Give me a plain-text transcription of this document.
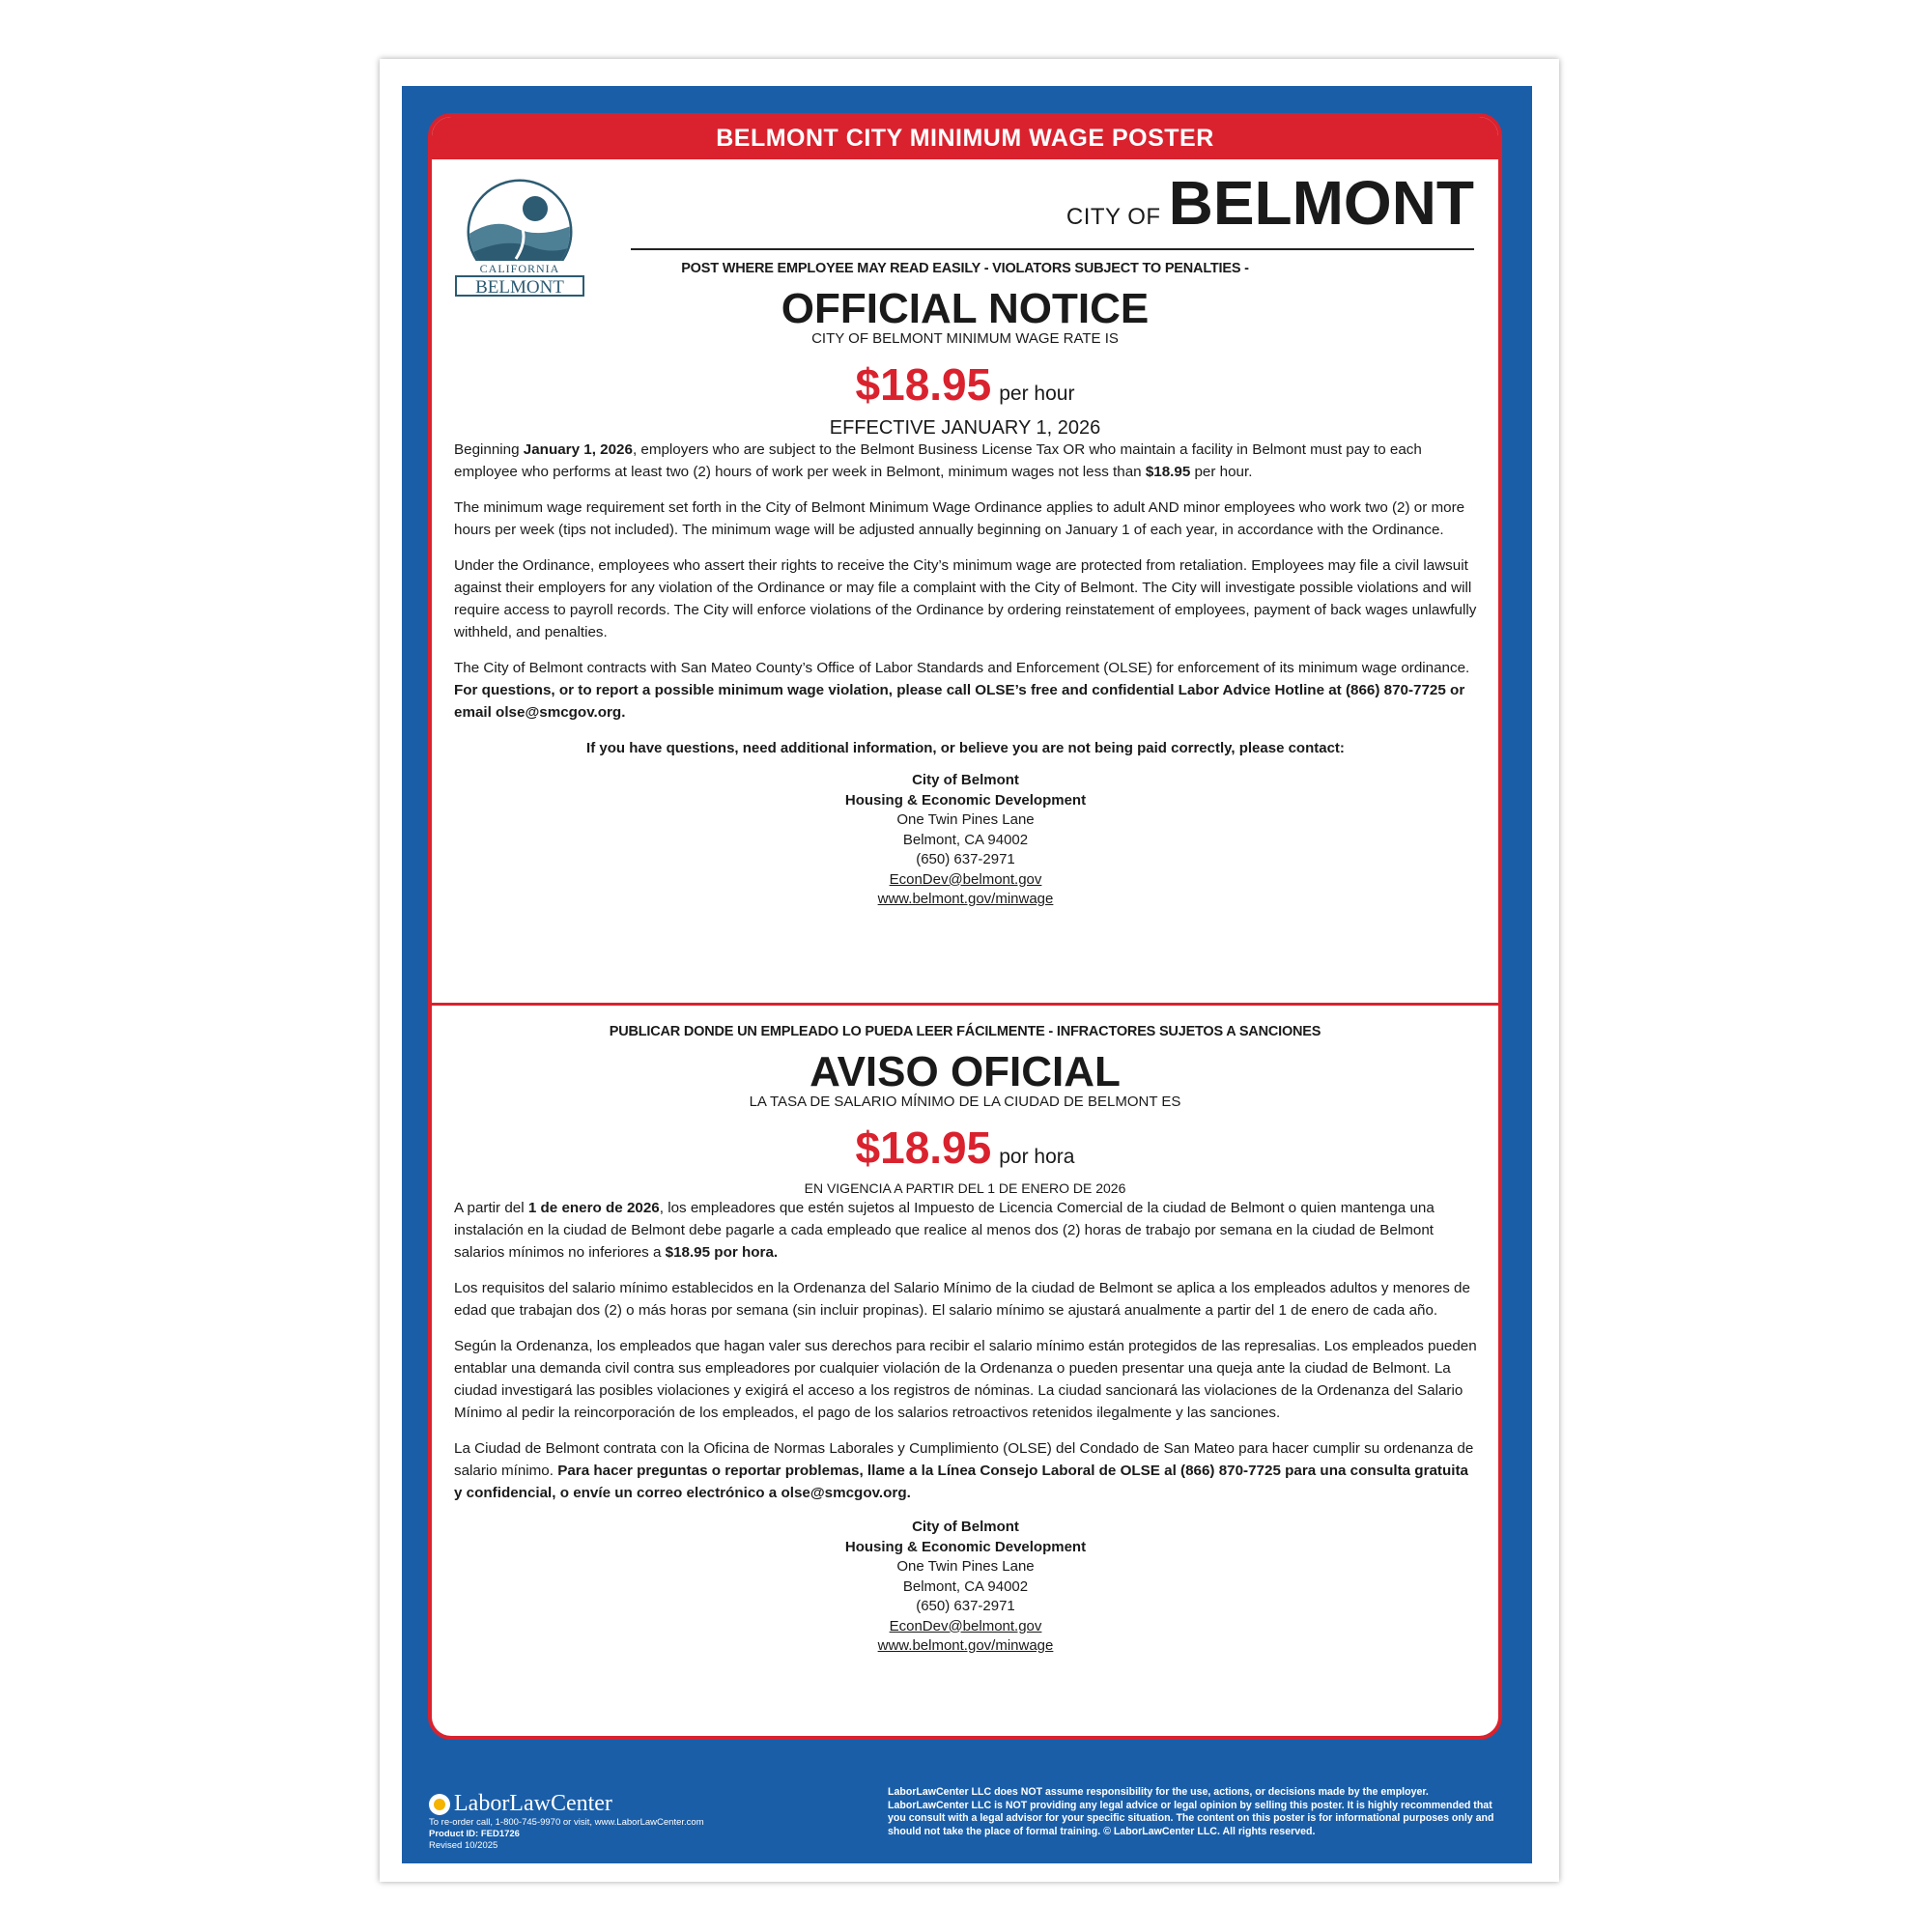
BELMONT CITY MINIMUM WAGE POSTER
CALIFORNIA
BELMONT
CITY OF BELMONT
POST WHERE EMPLOYEE MAY READ EASILY - VIOLATORS SUBJECT TO PENALTIES -
OFFICIAL NOTICE
CITY OF BELMONT MINIMUM WAGE RATE IS
$18.95 per hour
EFFECTIVE JANUARY 1, 2026

Beginning January 1, 2026, employers who are subject to the Belmont Business License Tax OR who maintain a facility in Belmont must pay to each employee who performs at least two (2) hours of work per week in Belmont, minimum wages not less than $18.95 per hour.

The minimum wage requirement set forth in the City of Belmont Minimum Wage Ordinance applies to adult AND minor employees who work two (2) or more hours per week (tips not included). The minimum wage will be adjusted annually beginning on January 1 of each year, in accordance with the Ordinance.

Under the Ordinance, employees who assert their rights to receive the City’s minimum wage are protected from retaliation. Employees may file a civil lawsuit against their employers for any violation of the Ordinance or may file a complaint with the City of Belmont. The City will investigate possible violations and will require access to payroll records. The City will enforce violations of the Ordinance by ordering reinstatement of employees, payment of back wages unlawfully withheld, and penalties.

The City of Belmont contracts with San Mateo County’s Office of Labor Standards and Enforcement (OLSE) for enforcement of its minimum wage ordinance. For questions, or to report a possible minimum wage violation, please call OLSE’s free and confidential Labor Advice Hotline at (866) 870-7725 or email olse@smcgov.org.

If you have questions, need additional information, or believe you are not being paid correctly, please contact:
City of Belmont
Housing & Economic Development
One Twin Pines Lane
Belmont, CA 94002
(650) 637-2971
EconDev@belmont.gov
www.belmont.gov/minwage
PUBLICAR DONDE UN EMPLEADO LO PUEDA LEER FÁCILMENTE - INFRACTORES SUJETOS A SANCIONES
AVISO OFICIAL
LA TASA DE SALARIO MÍNIMO DE LA CIUDAD DE BELMONT ES
$18.95 por hora
EN VIGENCIA A PARTIR DEL 1 DE ENERO DE 2026

A partir del 1 de enero de 2026, los empleadores que estén sujetos al Impuesto de Licencia Comercial de la ciudad de Belmont o quien mantenga una instalación en la ciudad de Belmont debe pagarle a cada empleado que realice al menos dos (2) horas de trabajo por semana en la ciudad de Belmont salarios mínimos no inferiores a $18.95 por hora.

Los requisitos del salario mínimo establecidos en la Ordenanza del Salario Mínimo de la ciudad de Belmont se aplica a los empleados adultos y menores de edad que trabajan dos (2) o más horas por semana (sin incluir propinas). El salario mínimo se ajustará anualmente a partir del 1 de enero de cada año.

Según la Ordenanza, los empleados que hagan valer sus derechos para recibir el salario mínimo están protegidos de las represalias. Los empleados pueden entablar una demanda civil contra sus empleadores por cualquier violación de la Ordenanza o pueden presentar una queja ante la ciudad de Belmont. La ciudad investigará las posibles violaciones y exigirá el acceso a los registros de nóminas. La ciudad sancionará las violaciones de la Ordenanza del Salario Mínimo al pedir la reincorporación de los empleados, el pago de los salarios retroactivos retenidos ilegalmente y las sanciones.

La Ciudad de Belmont contrata con la Oficina de Normas Laborales y Cumplimiento (OLSE) del Condado de San Mateo para hacer cumplir su ordenanza de salario mínimo. Para hacer preguntas o reportar problemas, llame a la Línea Consejo Laboral de OLSE al (866) 870-7725 para una consulta gratuita y confidencial, o envíe un correo electrónico a olse@smcgov.org.

City of Belmont
Housing & Economic Development
One Twin Pines Lane
Belmont, CA 94002
(650) 637-2971
EconDev@belmont.gov
www.belmont.gov/minwage
LaborLawCenter
To re-order call, 1-800-745-9970 or visit, www.LaborLawCenter.com
Product ID: FED1726
Revised 10/2025
LaborLawCenter LLC does NOT assume responsibility for the use, actions, or decisions made by the employer. LaborLawCenter LLC is NOT providing any legal advice or legal opinion by selling this poster. It is highly recommended that you consult with a legal advisor for your specific situation. The content on this poster is for informational purposes only and should not take the place of formal training. © LaborLawCenter LLC. All rights reserved.
